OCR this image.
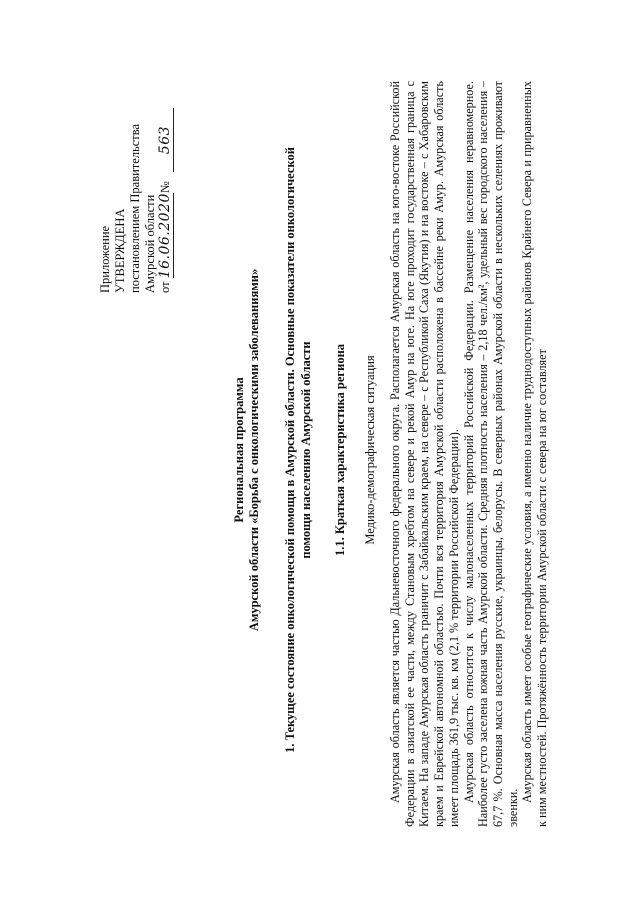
Приложение УТВЕРЖДЕНА постановлением Правительства Амурской области от 16.06.2020№ 563
Региональная программа Амурской области «Борьба с онкологическими заболеваниями» 1. Текущее состояние онкологической помощи в Амурской области. Основные показатели онкологической помощи населению Амурской области 1.1. Краткая характеристика региона Медико-демографическая ситуация Амурская область является частью Дальневосточного федерального округа. Располагается Амурская область на юго-востоке Российской Федерации в азиатской ее части, между Становым хребтом на севере и рекой Амур на юге. На юге проходит государственная граница с Китаем. На западе Амурская область граничит с Забайкальским краем, на севере – с Республикой Саха (Якутия) и на востоке – с Хабаровским краем и Еврейской автономной областью. Почти вся территория Амурской области расположена в бассейне реки Амур. Амурская область имеет площадь 361,9 тыс. кв. км (2,1 % территории Российской Федерации). Амурская область относится к числу малонаселенных территорий Российской Федерации. Размещение населения неравномерное. Наиболее густо заселена южная часть Амурской области. Средняя плотность населения – 2,18 чел./км², удельный вес городского населения – 67,7 %. Основная масса населения русские, украинцы, белорусы. В северных районах Амурской области в нескольких селениях проживают эвенки.

Амурская область имеет особые географические условия, а именно наличие труднодоступных районов Крайнего Севера и приравненных к ним местностей. Протяжённость территории Амурской области с севера на юг составляет
